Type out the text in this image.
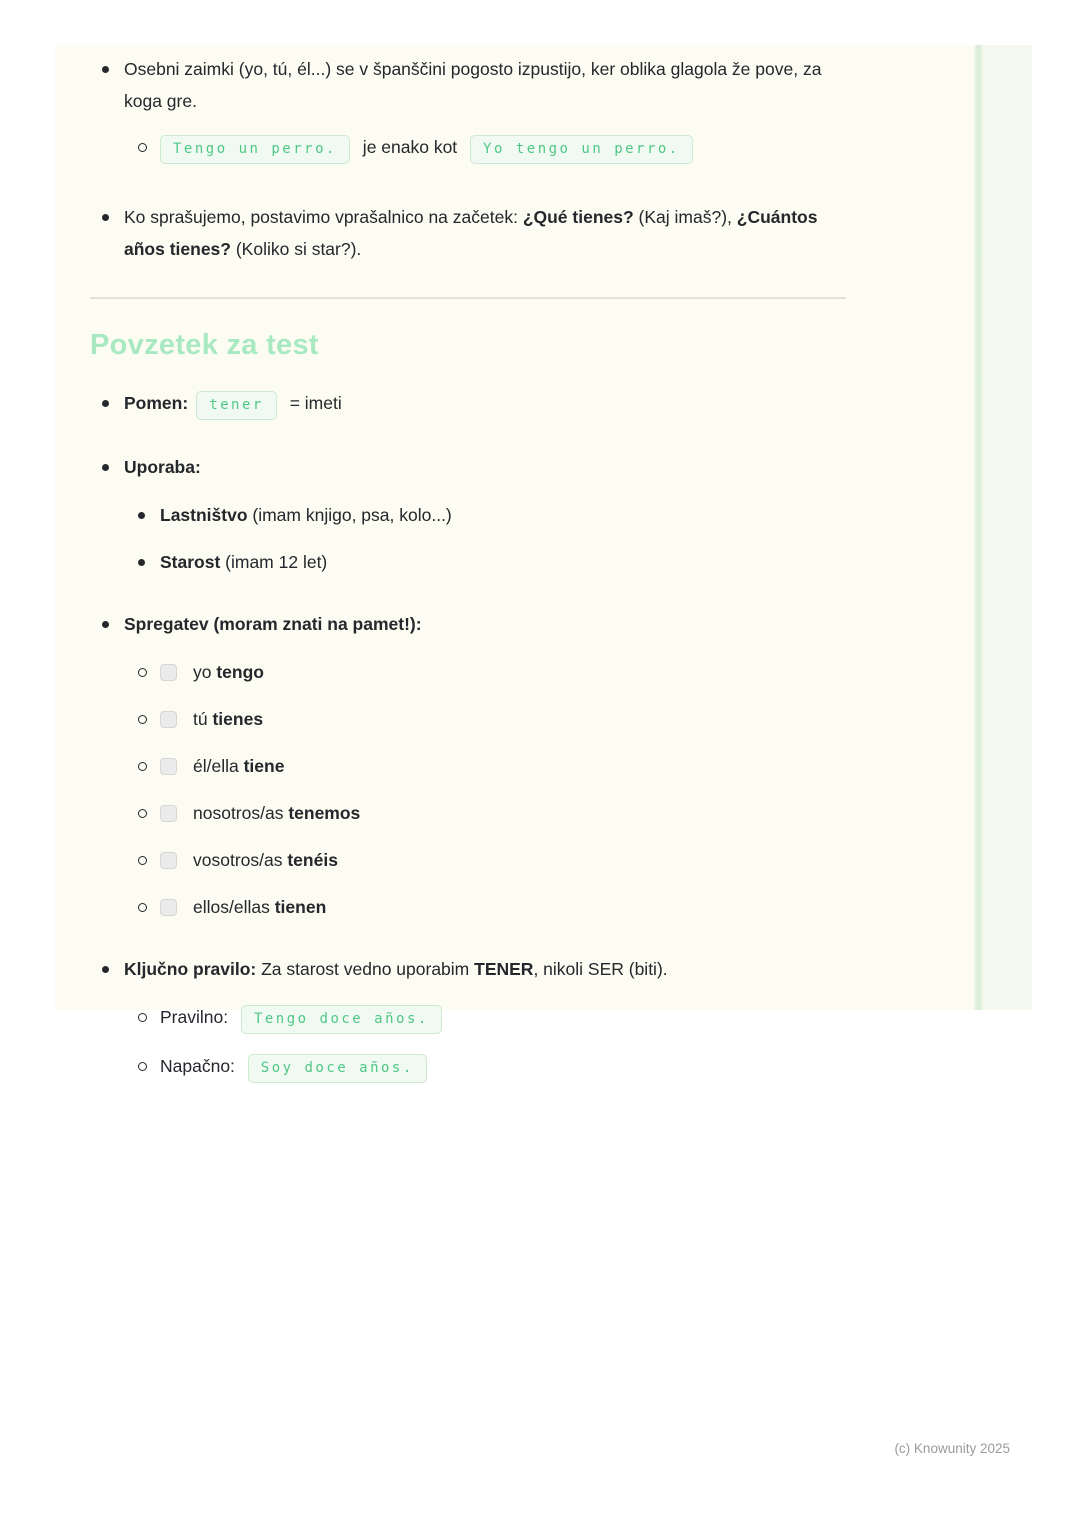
Osebni zaimki (yo, tú, él...) se v španščini pogosto izpustijo, ker oblika glagola že pove, za koga gre.
Tengo un perro. je enako kot Yo tengo un perro.
Ko sprašujemo, postavimo vprašalnico na začetek: ¿Qué tienes? (Kaj imaš?), ¿Cuántos años tienes? (Koliko si star?).
Povzetek za test
Pomen: tener = imeti
Uporaba:
Lastništvo (imam knjigo, psa, kolo...)
Starost (imam 12 let)
Spregatev (moram znati na pamet!):
yo tengo
tú tienes
él/ella tiene
nosotros/as tenemos
vosotros/as tenéis
ellos/ellas tienen
Ključno pravilo: Za starost vedno uporabim TENER, nikoli SER (biti).
Pravilno: Tengo doce años.
Napačno: Soy doce años.
(c) Knowunity 2025
